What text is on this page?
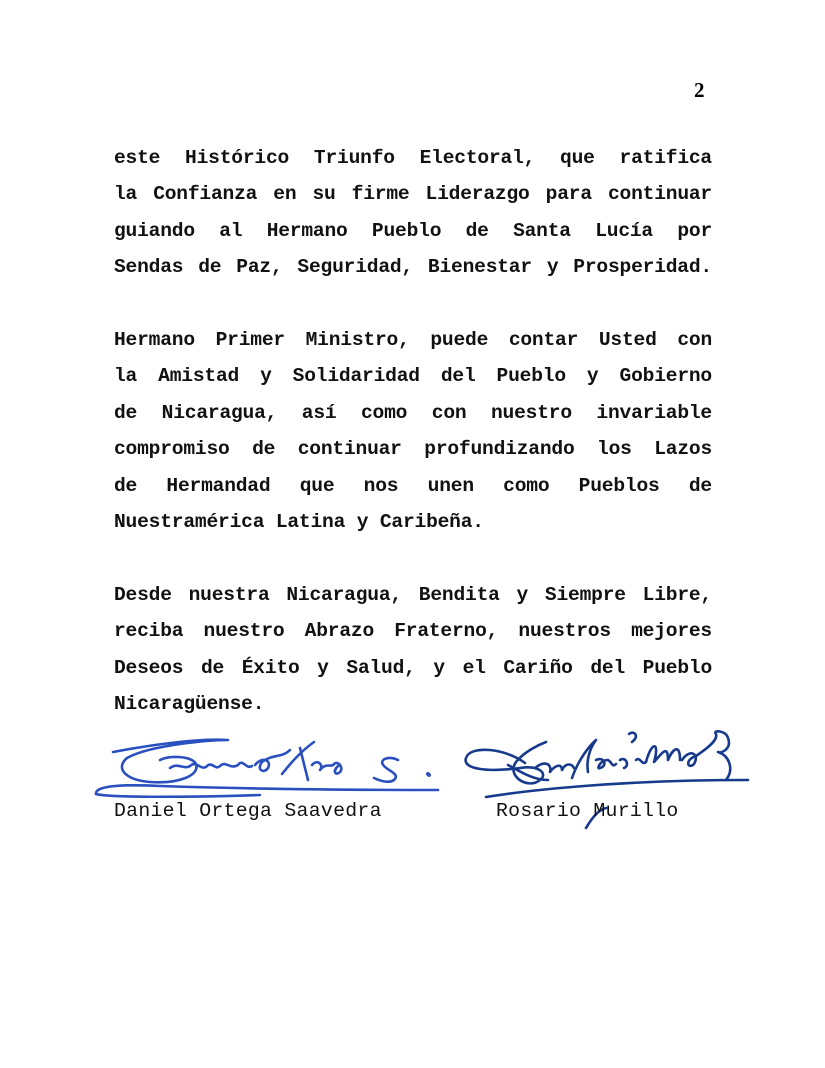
2
este Histórico Triunfo Electoral, que ratifica
la Confianza en su firme Liderazgo para continuar
guiando al Hermano Pueblo de Santa Lucía por
Sendas de Paz, Seguridad, Bienestar y Prosperidad.
Hermano Primer Ministro, puede contar Usted con
la Amistad y Solidaridad del Pueblo y Gobierno
de Nicaragua, así como con nuestro invariable
compromiso de continuar profundizando los Lazos
de Hermandad que nos unen como Pueblos de
Nuestramérica Latina y Caribeña.
Desde nuestra Nicaragua, Bendita y Siempre Libre,
reciba nuestro Abrazo Fraterno, nuestros mejores
Deseos de Éxito y Salud, y el Cariño del Pueblo
Nicaragüense.
Daniel Ortega Saavedra	Rosario Murillo
